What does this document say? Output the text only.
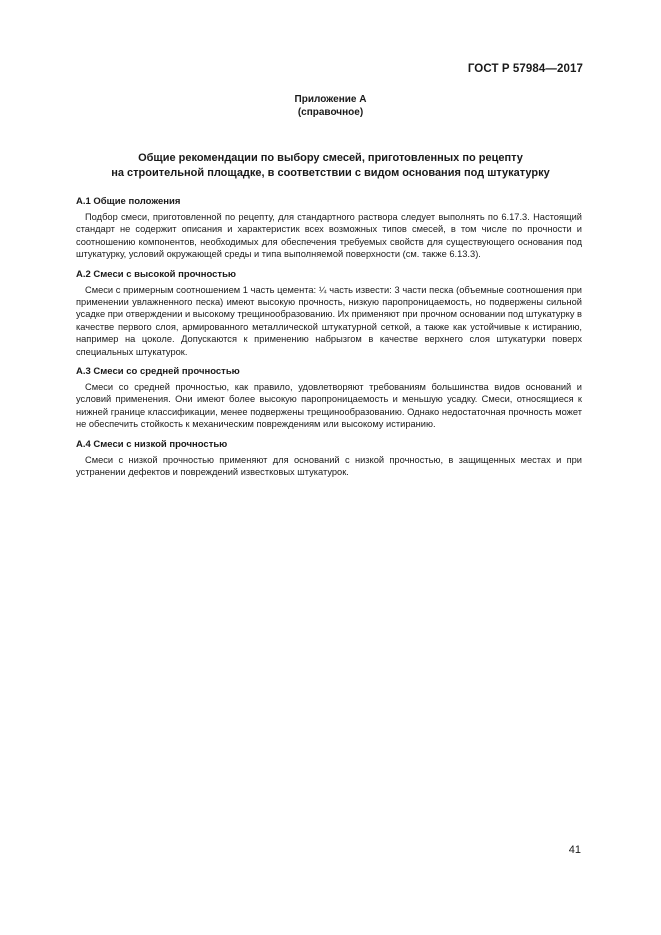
ГОСТ Р 57984—2017
Приложение А
(справочное)
Общие рекомендации по выбору смесей, приготовленных по рецепту
на строительной площадке, в соответствии с видом основания под штукатурку
А.1 Общие положения

Подбор смеси, приготовленной по рецепту, для стандартного раствора следует выполнять по 6.17.3. Настоящий стандарт не содержит описания и характеристик всех возможных типов смесей, в том числе по прочности и соотношению компонентов, необходимых для обеспечения требуемых свойств для существующего основания под штукатурку, условий окружающей среды и типа выполняемой поверхности (см. также 6.13.3).

А.2 Смеси с высокой прочностью

Смеси с примерным соотношением 1 часть цемента: ¼ часть извести: 3 части песка (объемные соотношения при применении увлажненного песка) имеют высокую прочность, низкую паропроницаемость, но подвержены сильной усадке при отверждении и высокому трещинообразованию. Их применяют при прочном основании под штукатурку в качестве первого слоя, армированного металлической штукатурной сеткой, а также как устойчивые к истиранию, например на цоколе. Допускаются к применению набрызгом в качестве верхнего слоя штукатурки поверх специальных штукатурок.

А.3 Смеси со средней прочностью

Смеси со средней прочностью, как правило, удовлетворяют требованиям большинства видов оснований и условий применения. Они имеют более высокую паропроницаемость и меньшую усадку. Смеси, относящиеся к нижней границе классификации, менее подвержены трещинообразованию. Однако недостаточная прочность может не обеспечить стойкость к механическим повреждениям или высокому истиранию.

А.4 Смеси с низкой прочностью

Смеси с низкой прочностью применяют для оснований с низкой прочностью, в защищенных местах и при устранении дефектов и повреждений известковых штукатурок.

41
